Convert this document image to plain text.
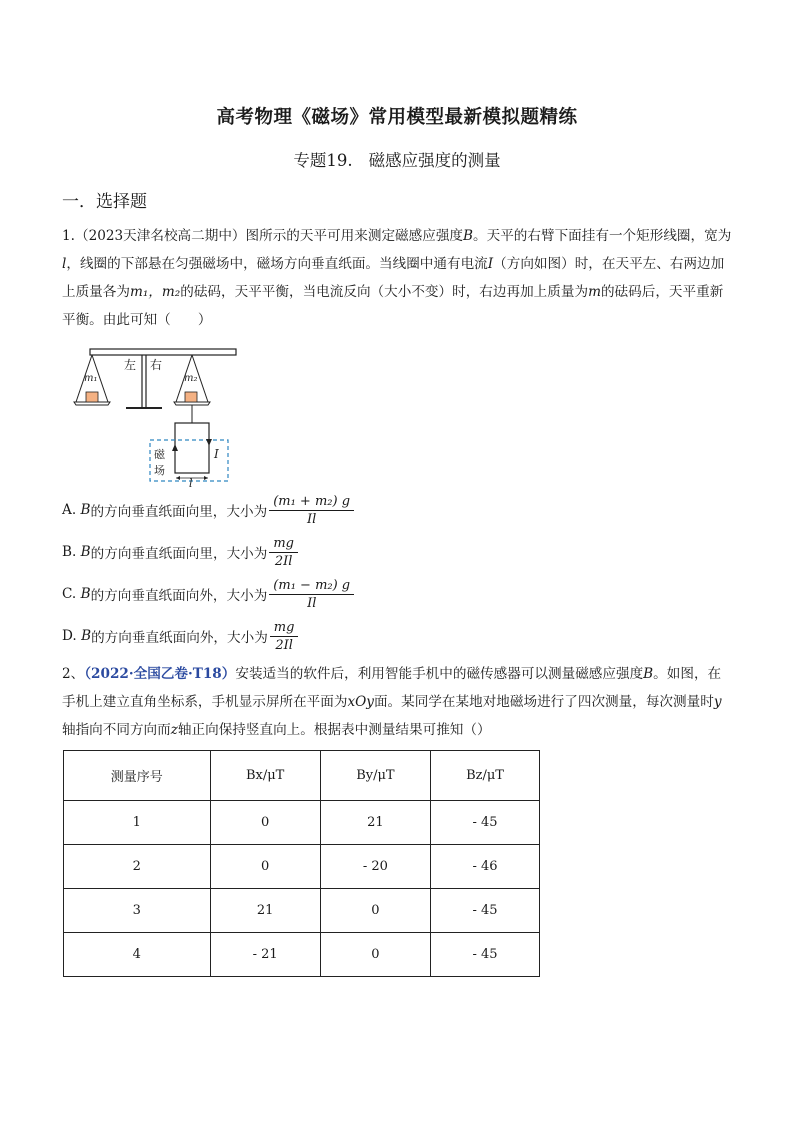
高考物理《磁场》常用模型最新模拟题精练
专题19. 磁感应强度的测量
一．选择题
1.（2023天津名校高二期中）图所示的天平可用来测定磁感应强度B。天平的右臂下面挂有一个矩形线圈，宽为l，线圈的下部悬在匀强磁场中，磁场方向垂直纸面。当线圈中通有电流I（方向如图）时，在天平左、右两边加上质量各为m₁，m₂的砝码，天平平衡，当电流反向（大小不变）时，右边再加上质量为m的砝码后，天平重新平衡。由此可知（　　）
左 右
m₁	m₂
磁
场
I
l
A.
B 的方向垂直纸面向里，大小为 $\frac{\text{(m₁ + m₂) g}}{Il}$
B.
B 的方向垂直纸面向里，大小为 $\frac{mg}{2Il}$
C.
B 的方向垂直纸面向外，大小为 $\frac{\text{(m₁ − m₂) g}}{Il}$
D.
B 的方向垂直纸面向外，大小为 $\frac{mg}{2Il}$
2、（2022·全国乙卷·T18）安装适当的软件后，利用智能手机中的磁传感器可以测量磁感应强度B。如图，在手机上建立直角坐标系，手机显示屏所在平面为xOy面。某同学在某地对地磁场进行了四次测量，每次测量时y轴指向不同方向而z轴正向保持竖直向上。根据表中测量结果可推知（）
测量序号	Bx/μT	By/μT	Bz/μT
1	0	21	- 45
2	0	- 20	- 46
3	21	0	- 45
4	- 21	0	- 45
